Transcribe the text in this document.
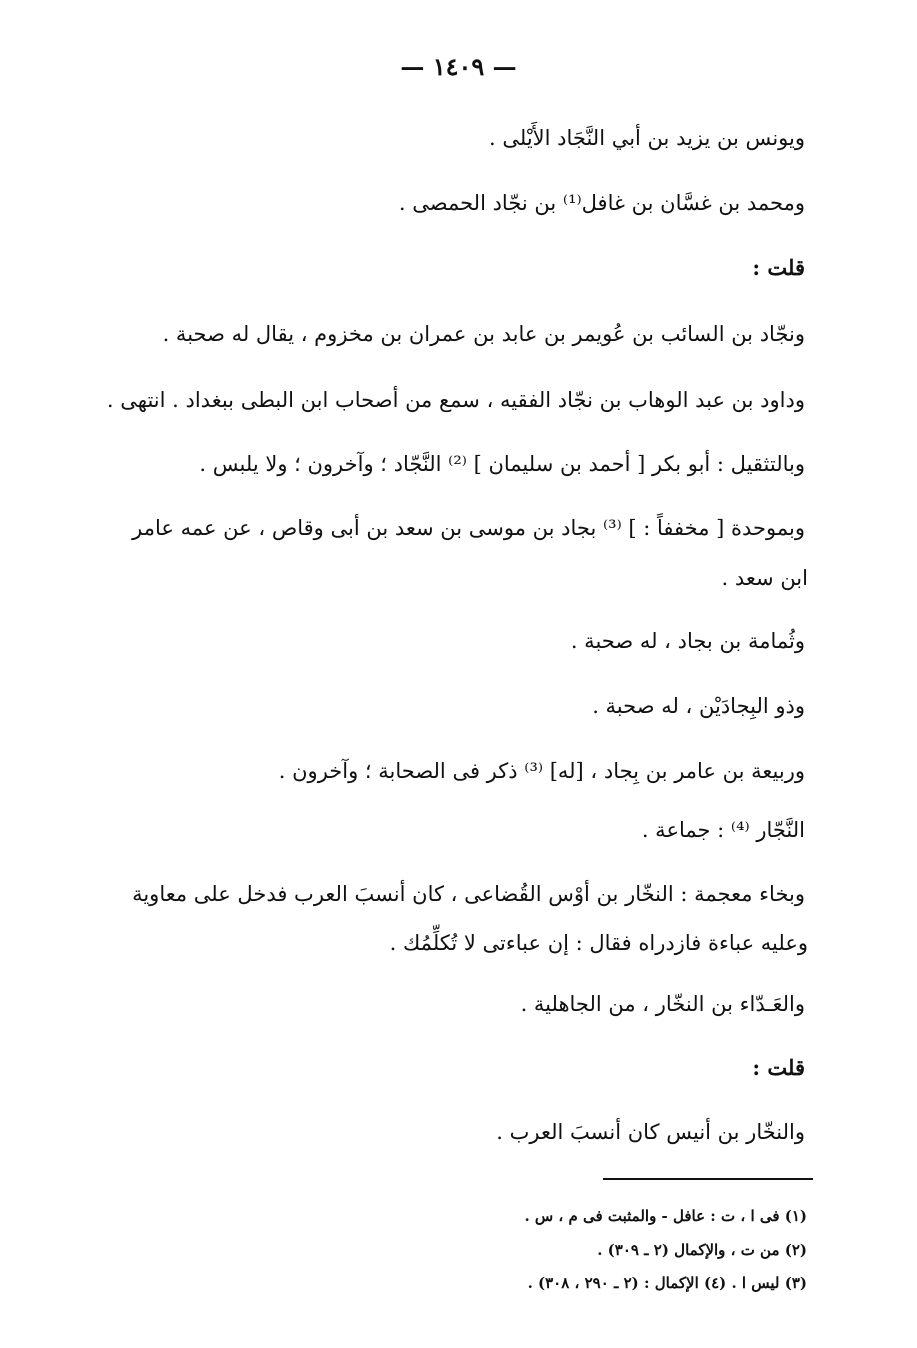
— ١٤٠٩ —
ويونس بن يزيد بن أبي النَّجَاد الأَيْلى .
ومحمد بن غسَّان بن غافل⁽¹⁾ بن نجّاد الحمصى .
قلت :
ونجّاد بن السائب بن عُويمر بن عابد بن عمران بن مخزوم ، يقال له صحبة .
وداود بن عبد الوهاب بن نجّاد الفقيه ، سمع من أصحاب ابن البطى ببغداد . انتهى .
وبالتثقيل : أبو بكر [ أحمد بن سليمان ] ⁽²⁾ النَّجّاد ؛ وآخرون ؛ ولا يلبس .
وبموحدة [ مخففاً : ] ⁽³⁾ بجاد بن موسى بن سعد بن أبى وقاص ، عن عمه عامر
ابن سعد .
وثُمامة بن بجاد ، له صحبة .
وذو البِجادَيْن ، له صحبة .
وربيعة بن عامر بن بِجاد ، [له] ⁽³⁾ ذكر فى الصحابة ؛ وآخرون .
النَّجّار ⁽⁴⁾ : جماعة .
وبخاء معجمة : النخّار بن أوْس القُضاعى ، كان أنسبَ العرب فدخل على معاوية
وعليه عباءة فازدراه فقال : إن عباءتى لا تُكلِّمُك .
والعَـدّاء بن النخّار ، من الجاهلية .
قلت :
والنخّار بن أنيس كان أنسبَ العرب .
(١) فى ا ، ت : عافل - والمثبت فى م ، س .
(٢) من ت ، والإكمال (٢ ـ ٣٠٩) .
(٣) ليس ا . (٤) الإكمال : (٢ ـ ٢٩٠ ، ٣٠٨) .
